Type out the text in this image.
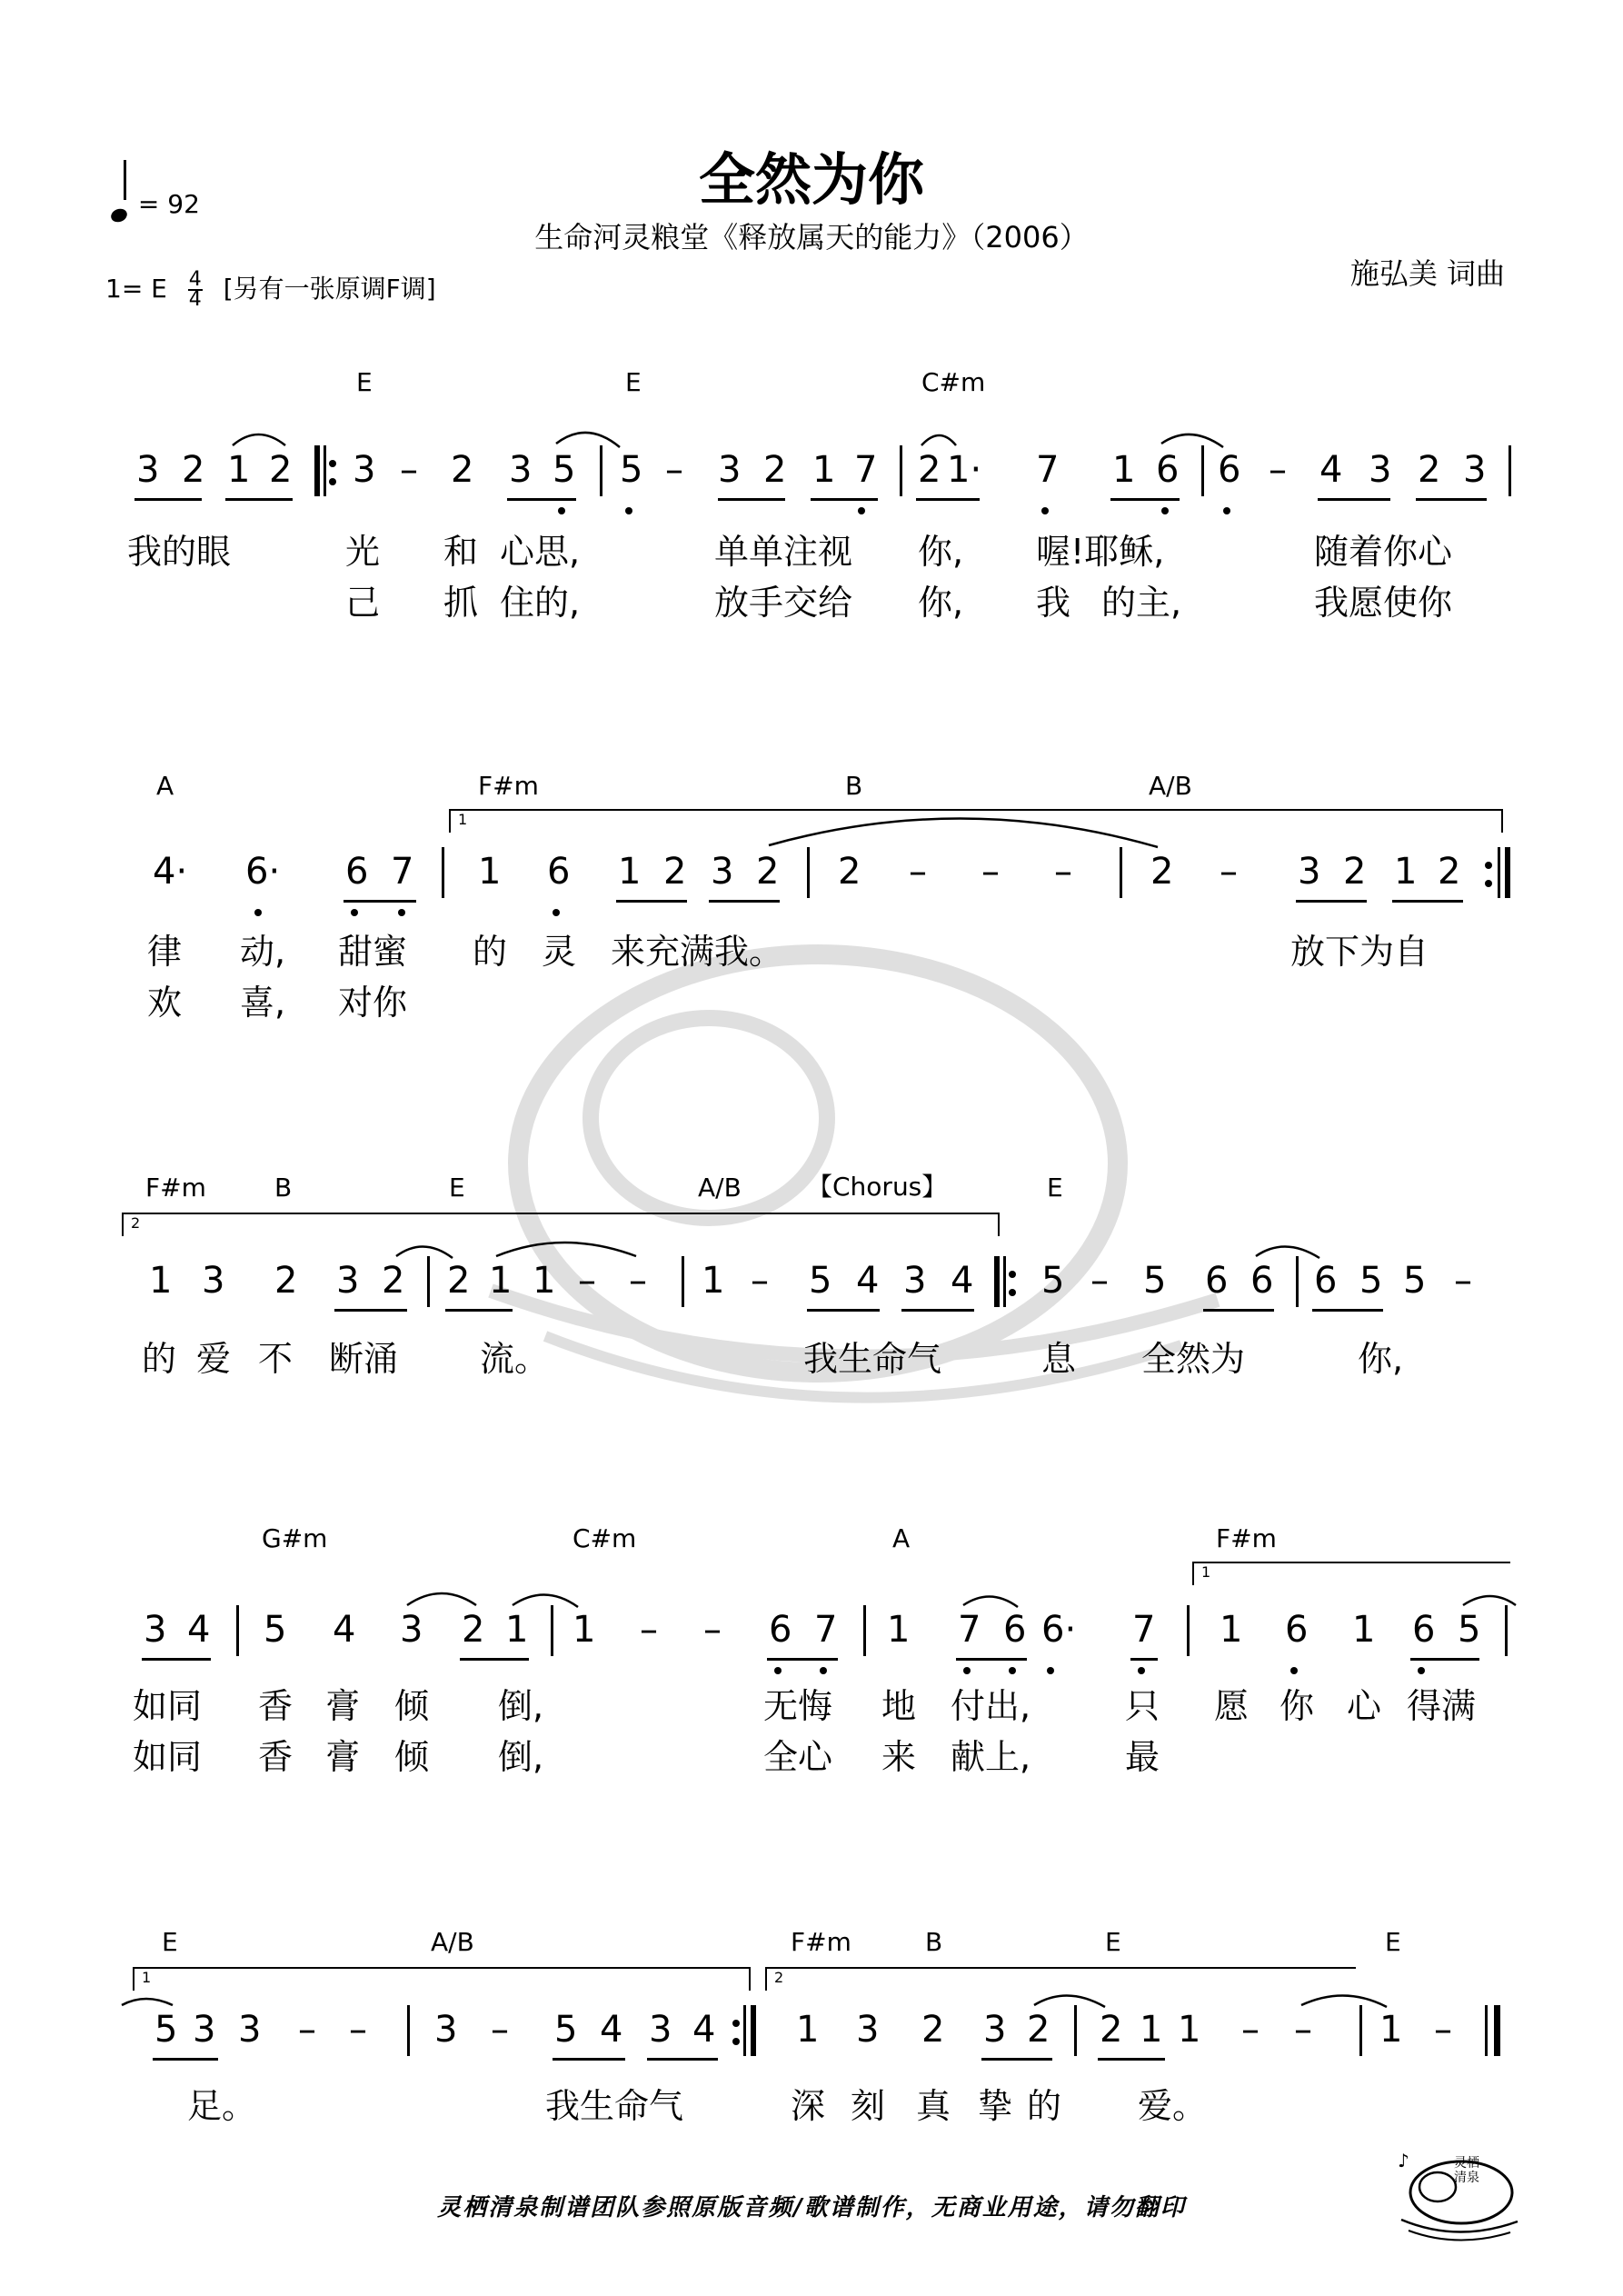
全然为你
生命河灵粮堂《释放属天的能力》（2006）
= 92
1= E $\frac{4}{4}$ [另有一张原调F调]	施弘美 词曲
E	E	C#m
3 2 1 2 3 – 2 3 5 5 – 3 2 1 7 2 1· 7 1 6 6 – 4 3 2 3
我的眼	光 和 心思,	单单注视 你, 喔!耶稣,	随着你心
己 抓 住的,	放手交给 你, 我 的主,	我愿使你
A	F#m	B	A/B
1
4· 6· 6 7 1 6 1 2 3 2 2 – – – 2 – 3 2 1 2
律 动, 甜蜜 的 灵 来充满我。	放下为自
欢 喜, 对你
F#m	B	E	A/B	【Chorus】	E
2
1 3 2 3 2 2 1 1 – – 1 – 5 4 3 4 5 – 5 6 6 6 5 5 –
的 爱 不 断涌 流。	我生命气	息 全然为	你,
G#m	C#m	A	F#m
1
3 4 5 4 3 2 1 1 – – 6 7 1 7 6 6· 7 1 6 1 6 5
如同 香 膏 倾 倒,	无悔 地 付出,	只 愿 你 心 得满
如同 香 膏 倾 倒,	全心 来 献上,	最
E	A/B	F#m	B	E	E
1	2
5 3 3 – – 3 – 5 4 3 4 1 3 2 3 2 2 1 1 – – 1 –
足。	我生命气	深 刻 真 挚 的 爱。
灵栖清泉制谱团队参照原版音频/歌谱制作，无商业用途，请勿翻印
♪	灵栖清泉
